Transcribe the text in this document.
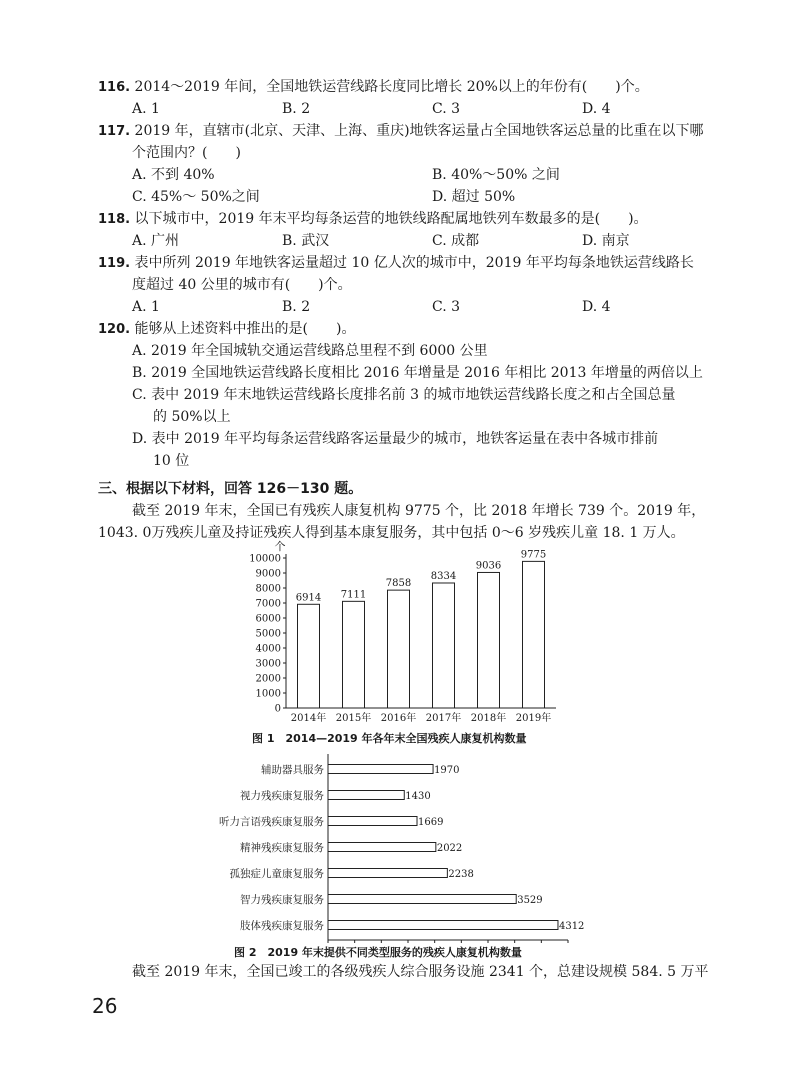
116. 2014～2019 年间，全国地铁运营线路长度同比增长 20%以上的年份有(　　)个。
A. 1	B. 2	C. 3	D. 4
117. 2019 年，直辖市(北京、天津、上海、重庆)地铁客运量占全国地铁客运总量的比重在以下哪
个范围内？(　　)
A. 不到 40%	B. 40%～50% 之间
C. 45%～ 50%之间	D. 超过 50%
118. 以下城市中，2019 年末平均每条运营的地铁线路配属地铁列车数最多的是(　　)。
A. 广州	B. 武汉	C. 成都	D. 南京
119. 表中所列 2019 年地铁客运量超过 10 亿人次的城市中，2019 年平均每条地铁运营线路长
度超过 40 公里的城市有(　　)个。
A. 1	B. 2	C. 3	D. 4
120. 能够从上述资料中推出的是(　　)。
A. 2019 年全国城轨交通运营线路总里程不到 6000 公里
B. 2019 全国地铁运营线路长度相比 2016 年增量是 2016 年相比 2013 年增量的两倍以上
C. 表中 2019 年末地铁运营线路长度排名前 3 的城市地铁运营线路长度之和占全国总量
的 50%以上
D. 表中 2019 年平均每条运营线路客运量最少的城市，地铁客运量在表中各城市排前
10 位
三、根据以下材料，回答 126－130 题。
截至 2019 年末，全国已有残疾人康复机构 9775 个，比 2018 年增长 739 个。2019 年，
1043. 0万残疾儿童及持证残疾人得到基本康复服务，其中包括 0～6 岁残疾儿童 18. 1 万人。
个
0
1000
2000
3000
4000
5000
6000
7000
8000
9000
10000
6914
2014年
7111
2015年
7858
2016年
8334
2017年
9036
2018年
9775
2019年
图 1　2014—2019 年各年末全国残疾人康复机构数量
辅助器具服务	1970
视力残疾康复服务	1430
听力言语残疾康复服务	1669
精神残疾康复服务	2022
孤独症儿童康复服务	2238
智力残疾康复服务	3529
肢体残疾康复服务	4312
图 2　2019 年末提供不同类型服务的残疾人康复机构数量
截至 2019 年末，全国已竣工的各级残疾人综合服务设施 2341 个，总建设规模 584. 5 万平
26
